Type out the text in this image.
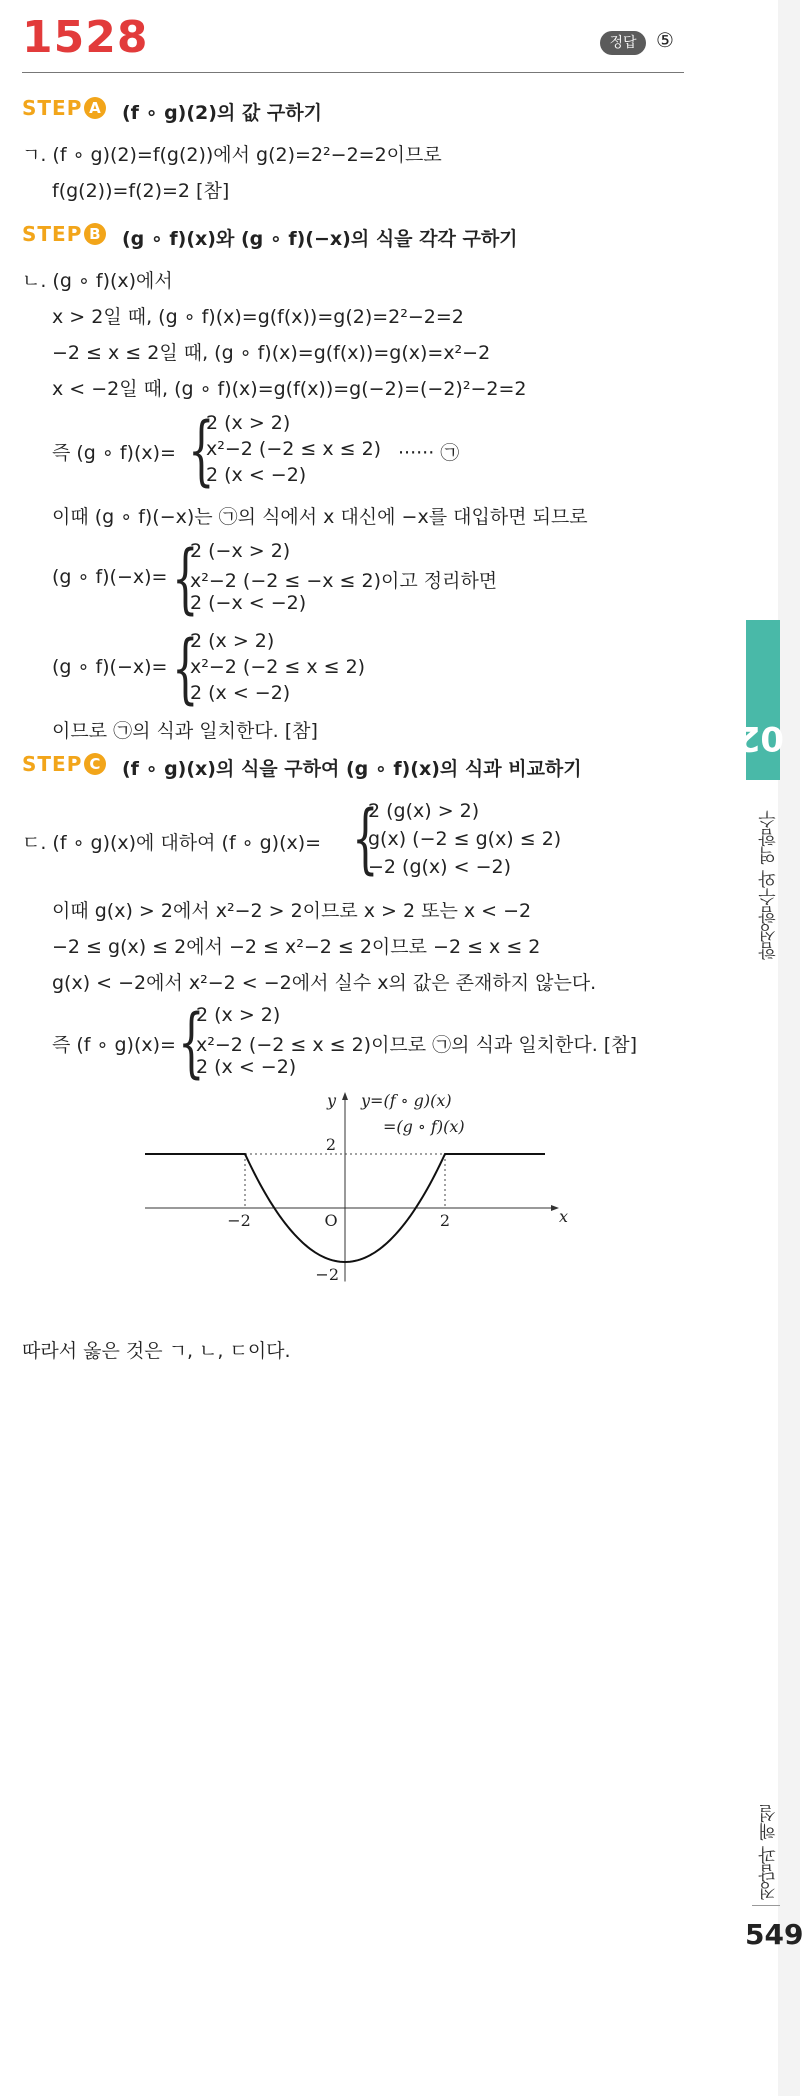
1528	정답 ⑤
STEP A (f ∘ g)(2)의 값 구하기
ㄱ. (f ∘ g)(2)=f(g(2))에서 g(2)=2²−2=2이므로
f(g(2))=f(2)=2 [참]
STEP B (g ∘ f)(x)와 (g ∘ f)(−x)의 식을 각각 구하기
ㄴ. (g ∘ f)(x)에서
x > 2일 때, (g ∘ f)(x)=g(f(x))=g(2)=2²−2=2
−2 ≤ x ≤ 2일 때, (g ∘ f)(x)=g(f(x))=g(x)=x²−2
x < −2일 때, (g ∘ f)(x)=g(f(x))=g(−2)=(−2)²−2=2
즉 (g ∘ f)(x)= {
2 (x > 2)
x²−2 (−2 ≤ x ≤ 2)
2 (x < −2)
······ ㉠
이때 (g ∘ f)(−x)는 ㉠의 식에서 x 대신에 −x를 대입하면 되므로
(g ∘ f)(−x)= {
2 (−x > 2)
x²−2 (−2 ≤ −x ≤ 2)이고 정리하면
2 (−x < −2)
(g ∘ f)(−x)= {
2 (x > 2)
x²−2 (−2 ≤ x ≤ 2)
2 (x < −2)
이므로 ㉠의 식과 일치한다. [참]
STEP C (f ∘ g)(x)의 식을 구하여 (g ∘ f)(x)의 식과 비교하기
ㄷ. (f ∘ g)(x)에 대하여 (f ∘ g)(x)= {
2 (g(x) > 2)
g(x) (−2 ≤ g(x) ≤ 2)
−2 (g(x) < −2)
이때 g(x) > 2에서 x²−2 > 2이므로 x > 2 또는 x < −2
−2 ≤ g(x) ≤ 2에서 −2 ≤ x²−2 ≤ 2이므로 −2 ≤ x ≤ 2
g(x) < −2에서 x²−2 < −2에서 실수 x의 값은 존재하지 않는다.
즉 (f ∘ g)(x)= {
2 (x > 2)
x²−2 (−2 ≤ x ≤ 2)이므로 ㉠의 식과 일치한다. [참]
2 (x < −2)
2
−2
−2	2
O	x
y y=(f ∘ g)(x)
=(g ∘ f)(x)
따라서 옳은 것은 ㄱ, ㄴ, ㄷ이다.
02
함성함수와 역함수
정답과 해설
549
